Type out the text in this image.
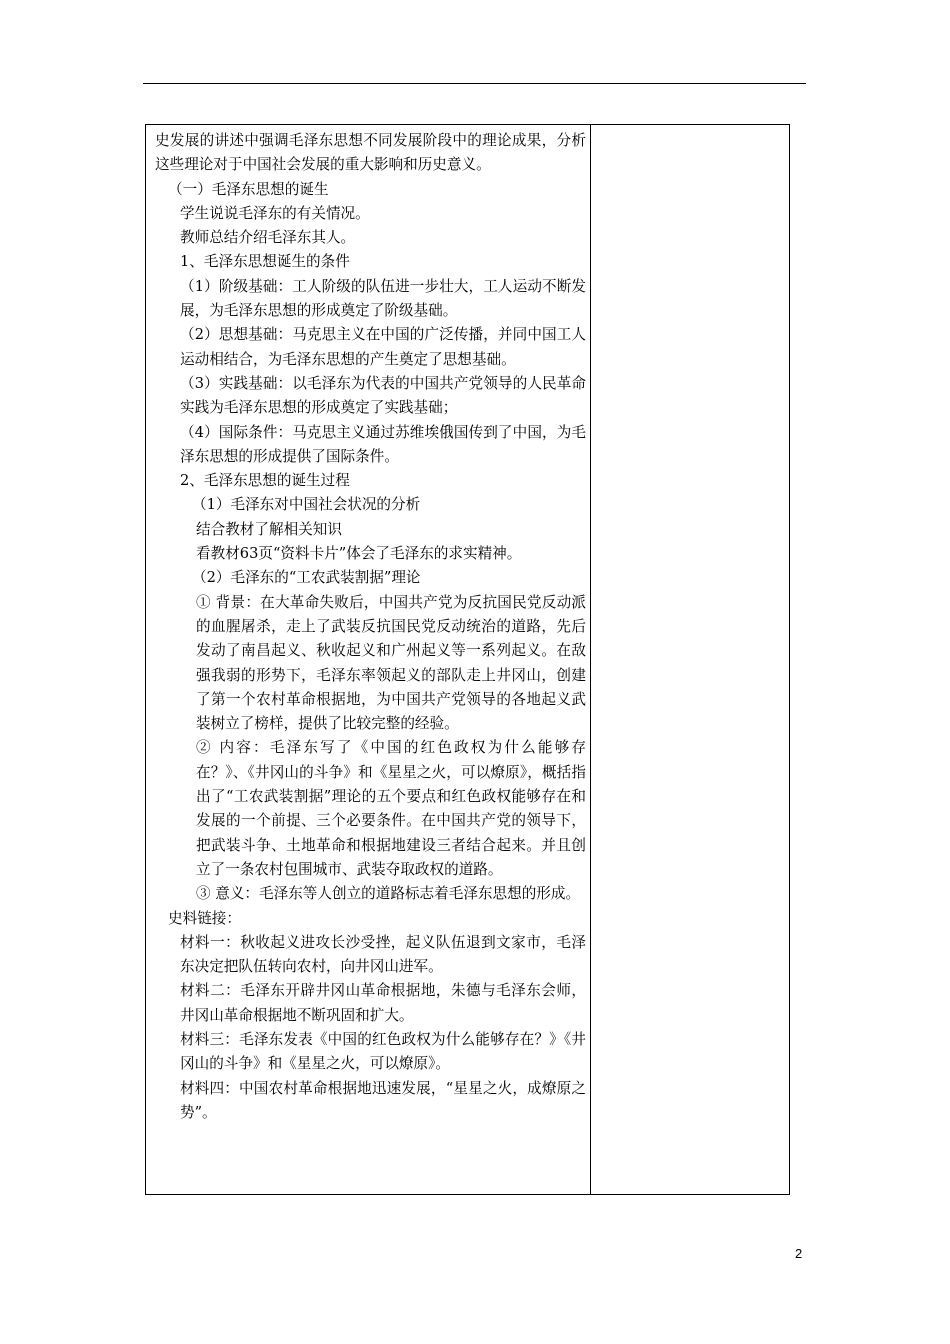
史发展的讲述中强调毛泽东思想不同发展阶段中的理论成果，分析这些理论对于中国社会发展的重大影响和历史意义。

（一）毛泽东思想的诞生

学生说说毛泽东的有关情况。

教师总结介绍毛泽东其人。

1、毛泽东思想诞生的条件

（1）阶级基础：工人阶级的队伍进一步壮大，工人运动不断发展，为毛泽东思想的形成奠定了阶级基础。

（2）思想基础：马克思主义在中国的广泛传播，并同中国工人运动相结合，为毛泽东思想的产生奠定了思想基础。

（3）实践基础：以毛泽东为代表的中国共产党领导的人民革命实践为毛泽东思想的形成奠定了实践基础；

（4）国际条件：马克思主义通过苏维埃俄国传到了中国，为毛泽东思想的形成提供了国际条件。

2、毛泽东思想的诞生过程

（1）毛泽东对中国社会状况的分析

结合教材了解相关知识

看教材63页“资料卡片”体会了毛泽东的求实精神。

（2）毛泽东的“工农武装割据”理论

① 背景：在大革命失败后，中国共产党为反抗国民党反动派的血腥屠杀，走上了武装反抗国民党反动统治的道路，先后发动了南昌起义、秋收起义和广州起义等一系列起义。在敌强我弱的形势下，毛泽东率领起义的部队走上井冈山，创建了第一个农村革命根据地，为中国共产党领导的各地起义武装树立了榜样，提供了比较完整的经验。

② 内容：毛泽东写了《中国的红色政权为什么能够存在？》、《井冈山的斗争》和《星星之火，可以燎原》，概括指出了“工农武装割据”理论的五个要点和红色政权能够存在和发展的一个前提、三个必要条件。在中国共产党的领导下，把武装斗争、土地革命和根据地建设三者结合起来。并且创立了一条农村包围城市、武装夺取政权的道路。

③ 意义：毛泽东等人创立的道路标志着毛泽东思想的形成。

史料链接：

材料一：秋收起义进攻长沙受挫，起义队伍退到文家市，毛泽东决定把队伍转向农村，向井冈山进军。

材料二：毛泽东开辟井冈山革命根据地，朱德与毛泽东会师，井冈山革命根据地不断巩固和扩大。

材料三：毛泽东发表《中国的红色政权为什么能够存在？》《井冈山的斗争》和《星星之火，可以燎原》。

材料四：中国农村革命根据地迅速发展，“星星之火，成燎原之势”。

2
